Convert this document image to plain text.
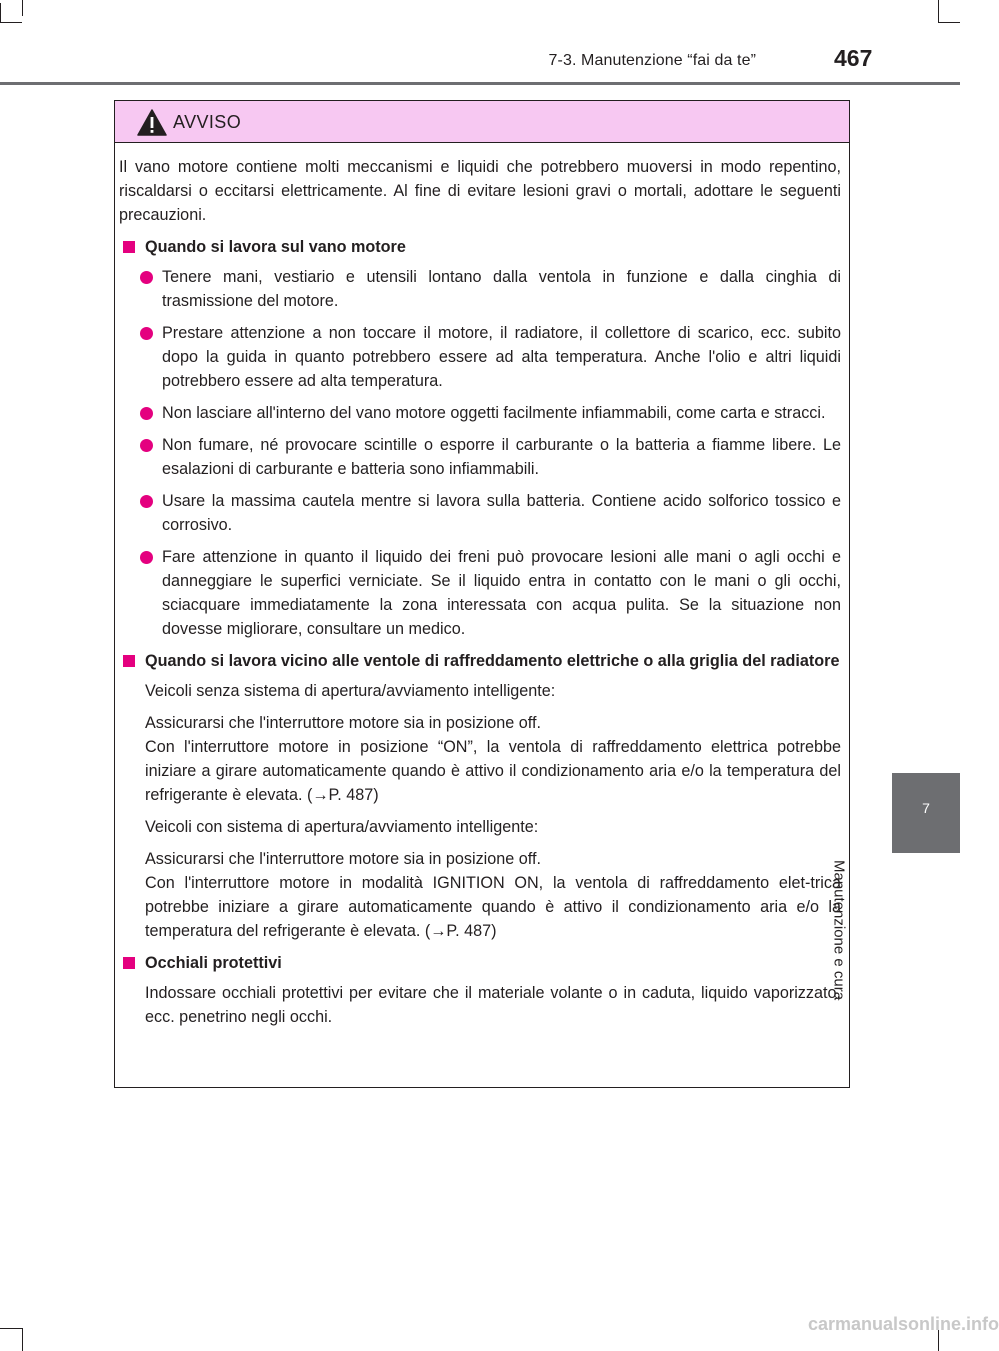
7-3. Manutenzione “fai da te”	467
7
Manutenzione e cura
AVVISO

Il vano motore contiene molti meccanismi e liquidi che potrebbero muoversi in modo repentino, riscaldarsi o eccitarsi elettricamente. Al fine di evitare lesioni gravi o mortali, adottare le seguenti precauzioni.

Quando si lavora sul vano motore
Tenere mani, vestiario e utensili lontano dalla ventola in funzione e dalla cinghia di trasmissione del motore.
Prestare attenzione a non toccare il motore, il radiatore, il collettore di scarico, ecc. subito dopo la guida in quanto potrebbero essere ad alta temperatura. Anche l'olio e altri liquidi potrebbero essere ad alta temperatura.
Non lasciare all'interno del vano motore oggetti facilmente infiammabili, come carta e stracci.
Non fumare, né provocare scintille o esporre il carburante o la batteria a fiamme libere. Le esalazioni di carburante e batteria sono infiammabili.
Usare la massima cautela mentre si lavora sulla batteria. Contiene acido solforico tossico e corrosivo.
Fare attenzione in quanto il liquido dei freni può provocare lesioni alle mani o agli occhi e danneggiare le superfici verniciate. Se il liquido entra in contatto con le mani o gli occhi, sciacquare immediatamente la zona interessata con acqua pulita. Se la situazione non dovesse migliorare, consultare un medico.
Quando si lavora vicino alle ventole di raffreddamento elettriche o alla griglia del radiatore

Veicoli senza sistema di apertura/avviamento intelligente:

Assicurarsi che l'interruttore motore sia in posizione off.
Con l'interruttore motore in posizione “ON”, la ventola di raffreddamento elettrica potrebbe iniziare a girare automaticamente quando è attivo il condizionamento aria e/o la temperatura del refrigerante è elevata. (→P. 487)

Veicoli con sistema di apertura/avviamento intelligente:

Assicurarsi che l'interruttore motore sia in posizione off.
Con l'interruttore motore in modalità IGNITION ON, la ventola di raffreddamento elet-trica potrebbe iniziare a girare automaticamente quando è attivo il condizionamento aria e/o la temperatura del refrigerante è elevata. (→P. 487)

Occhiali protettivi

Indossare occhiali protettivi per evitare che il materiale volante o in caduta, liquido vaporizzato, ecc. penetrino negli occhi.

carmanualsonline.info
